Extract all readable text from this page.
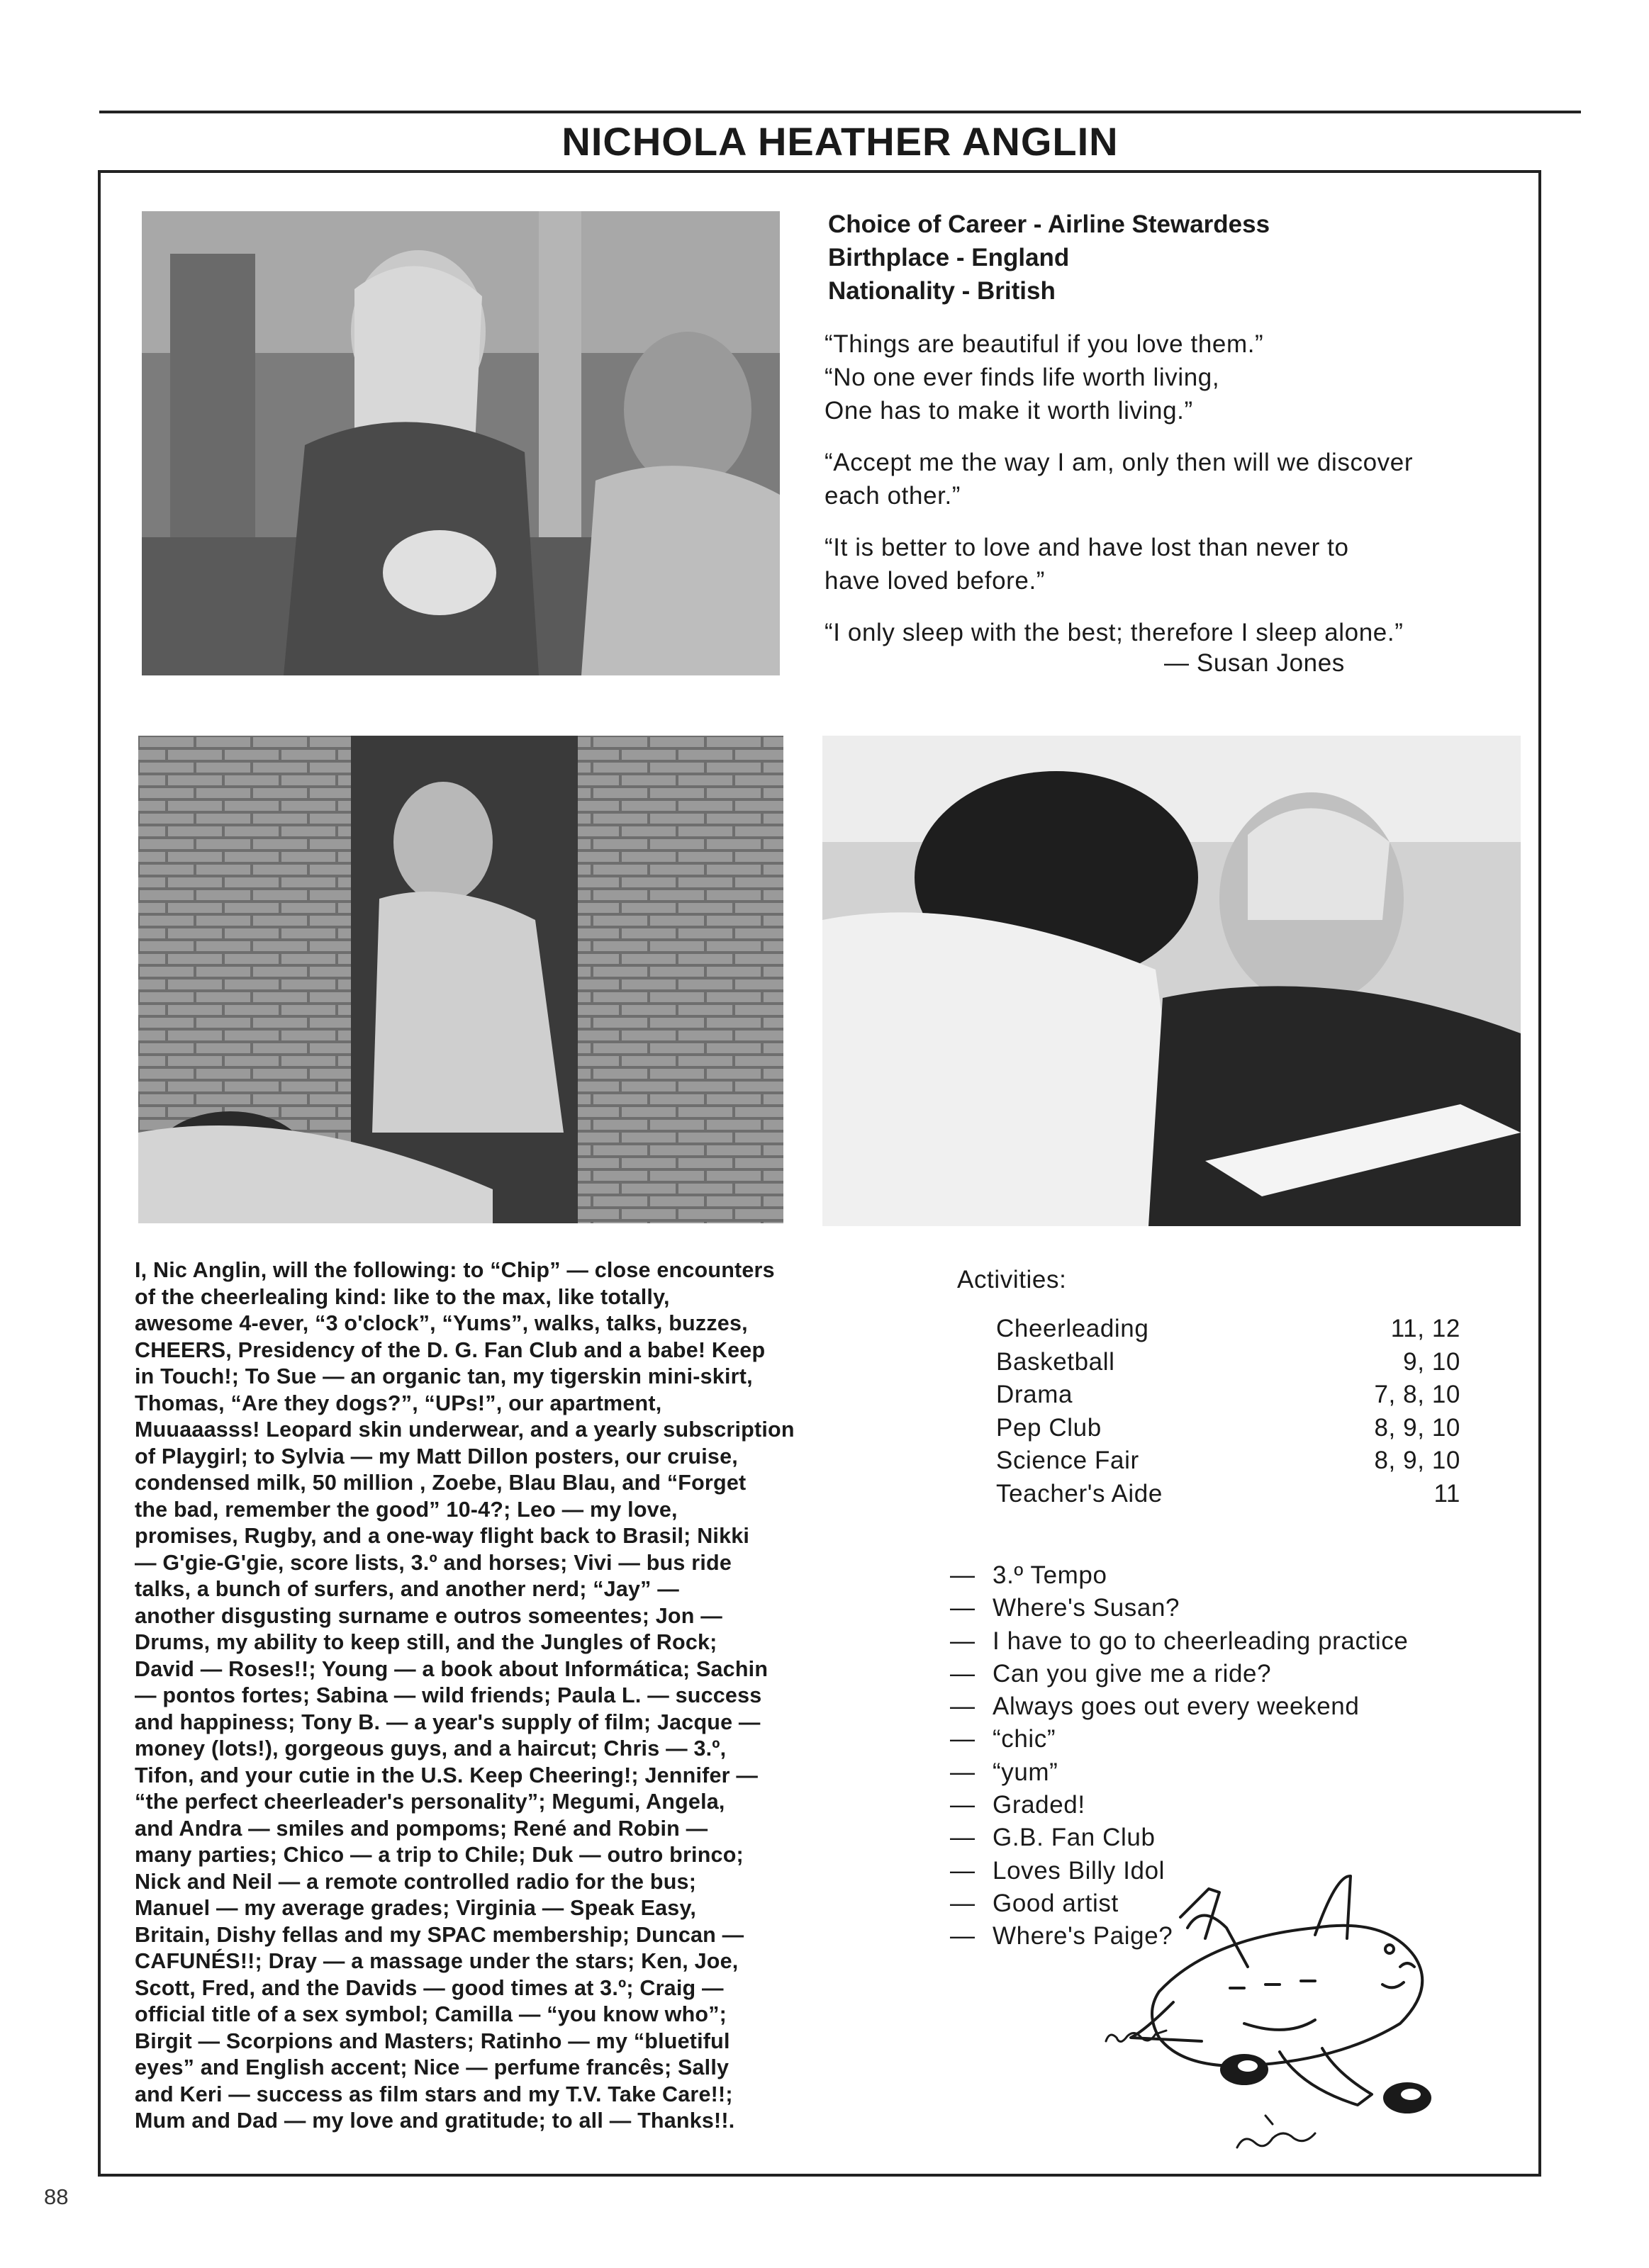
NICHOLA HEATHER ANGLIN
Choice of Career - Airline Stewardess
Birthplace - England
Nationality - British
“Things are beautiful if you love them.”
“No one ever finds life worth living,
One has to make it worth living.”
“Accept me the way I am, only then will we discover
each other.”
“It is better to love and have lost than never to
have loved before.”
“I only sleep with the best; therefore I sleep alone.”
— Susan Jones
I, Nic Anglin, will the following: to “Chip” — close encounters
of the cheerlealing kind: like to the max, like totally,
awesome 4-ever, “3 o'clock”, “Yums”, walks, talks, buzzes,
CHEERS, Presidency of the D. G. Fan Club and a babe! Keep
in Touch!; To Sue — an organic tan, my tigerskin mini-skirt,
Thomas, “Are they dogs?”, “UPs!”, our apartment,
Muuaaasss! Leopard skin underwear, and a yearly subscription
of Playgirl; to Sylvia — my Matt Dillon posters, our cruise,
condensed milk, 50 million , Zoebe, Blau Blau, and “Forget
the bad, remember the good” 10-4?; Leo — my love,
promises, Rugby, and a one-way flight back to Brasil; Nikki
— G'gie-G'gie, score lists, 3.º and horses; Vivi — bus ride
talks, a bunch of surfers, and another nerd; “Jay” —
another disgusting surname e outros someentes; Jon —
Drums, my ability to keep still, and the Jungles of Rock;
David — Roses!!; Young — a book about Informática; Sachin
— pontos fortes; Sabina — wild friends; Paula L. — success
and happiness; Tony B. — a year's supply of film; Jacque —
money (lots!), gorgeous guys, and a haircut; Chris — 3.º,
Tifon, and your cutie in the U.S. Keep Cheering!; Jennifer —
“the perfect cheerleader's personality”; Megumi, Angela,
and Andra — smiles and pompoms; René and Robin —
many parties; Chico — a trip to Chile; Duk — outro brinco;
Nick and Neil — a remote controlled radio for the bus;
Manuel — my average grades; Virginia — Speak Easy,
Britain, Dishy fellas and my SPAC membership; Duncan —
CAFUNÉS!!; Dray — a massage under the stars; Ken, Joe,
Scott, Fred, and the Davids — good times at 3.º; Craig —
official title of a sex symbol; Camilla — “you know who”;
Birgit — Scorpions and Masters; Ratinho — my “bluetiful
eyes” and English accent; Nice — perfume francês; Sally
and Keri — success as film stars and my T.V. Take Care!!;
Mum and Dad — my love and gratitude; to all — Thanks!!.
Activities:
Cheerleading	11, 12
Basketball	9, 10
Drama	7, 8, 10
Pep Club	8, 9, 10
Science Fair	8, 9, 10
Teacher's Aide	11
— 3.º Tempo
— Where's Susan?
— I have to go to cheerleading practice
— Can you give me a ride?
— Always goes out every weekend
— “chic”
— “yum”
— Graded!
— G.B. Fan Club
— Loves Billy Idol
— Good artist
— Where's Paige?
88
